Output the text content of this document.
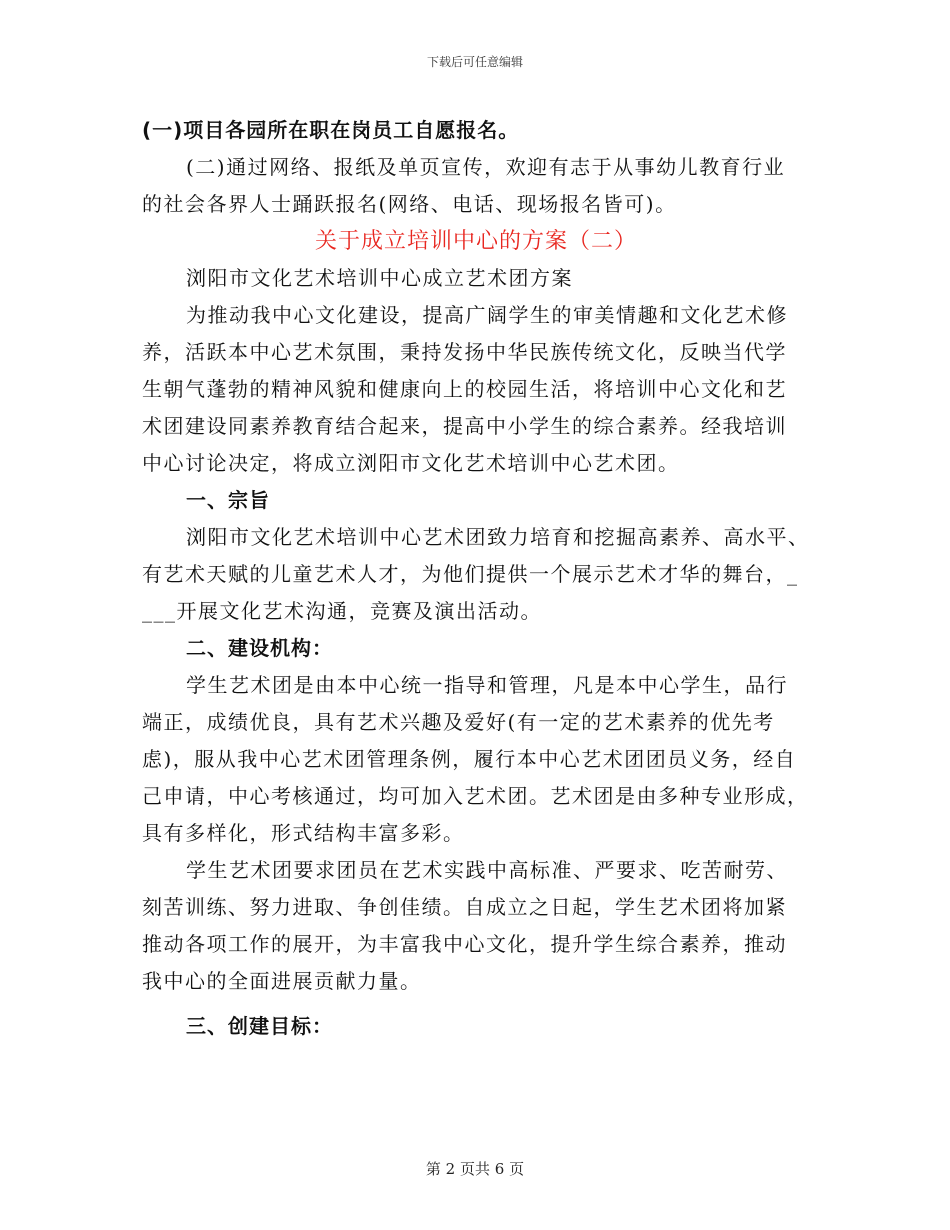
下载后可任意编辑
(一)项目各园所在职在岗员工自愿报名。
(二)通过网络、报纸及单页宣传，欢迎有志于从事幼儿教育行业
的社会各界人士踊跃报名(网络、电话、现场报名皆可)。
关于成立培训中心的方案（二）
浏阳市文化艺术培训中心成立艺术团方案
为推动我中心文化建设，提高广阔学生的审美情趣和文化艺术修
养，活跃本中心艺术氛围，秉持发扬中华民族传统文化，反映当代学
生朝气蓬勃的精神风貌和健康向上的校园生活，将培训中心文化和艺
术团建设同素养教育结合起来，提高中小学生的综合素养。经我培训
中心讨论决定，将成立浏阳市文化艺术培训中心艺术团。
一、宗旨
浏阳市文化艺术培训中心艺术团致力培育和挖掘高素养、高水平、
有艺术天赋的儿童艺术人才，为他们提供一个展示艺术才华的舞台，_
___开展文化艺术沟通，竞赛及演出活动。
二、建设机构：
学生艺术团是由本中心统一指导和管理，凡是本中心学生，品行
端正，成绩优良，具有艺术兴趣及爱好(有一定的艺术素养的优先考
虑)，服从我中心艺术团管理条例，履行本中心艺术团团员义务，经自
己申请，中心考核通过，均可加入艺术团。艺术团是由多种专业形成，
具有多样化，形式结构丰富多彩。
学生艺术团要求团员在艺术实践中高标准、严要求、吃苦耐劳、
刻苦训练、努力进取、争创佳绩。自成立之日起，学生艺术团将加紧
推动各项工作的展开，为丰富我中心文化，提升学生综合素养，推动
我中心的全面进展贡献力量。
三、创建目标：
第 2 页共 6 页
